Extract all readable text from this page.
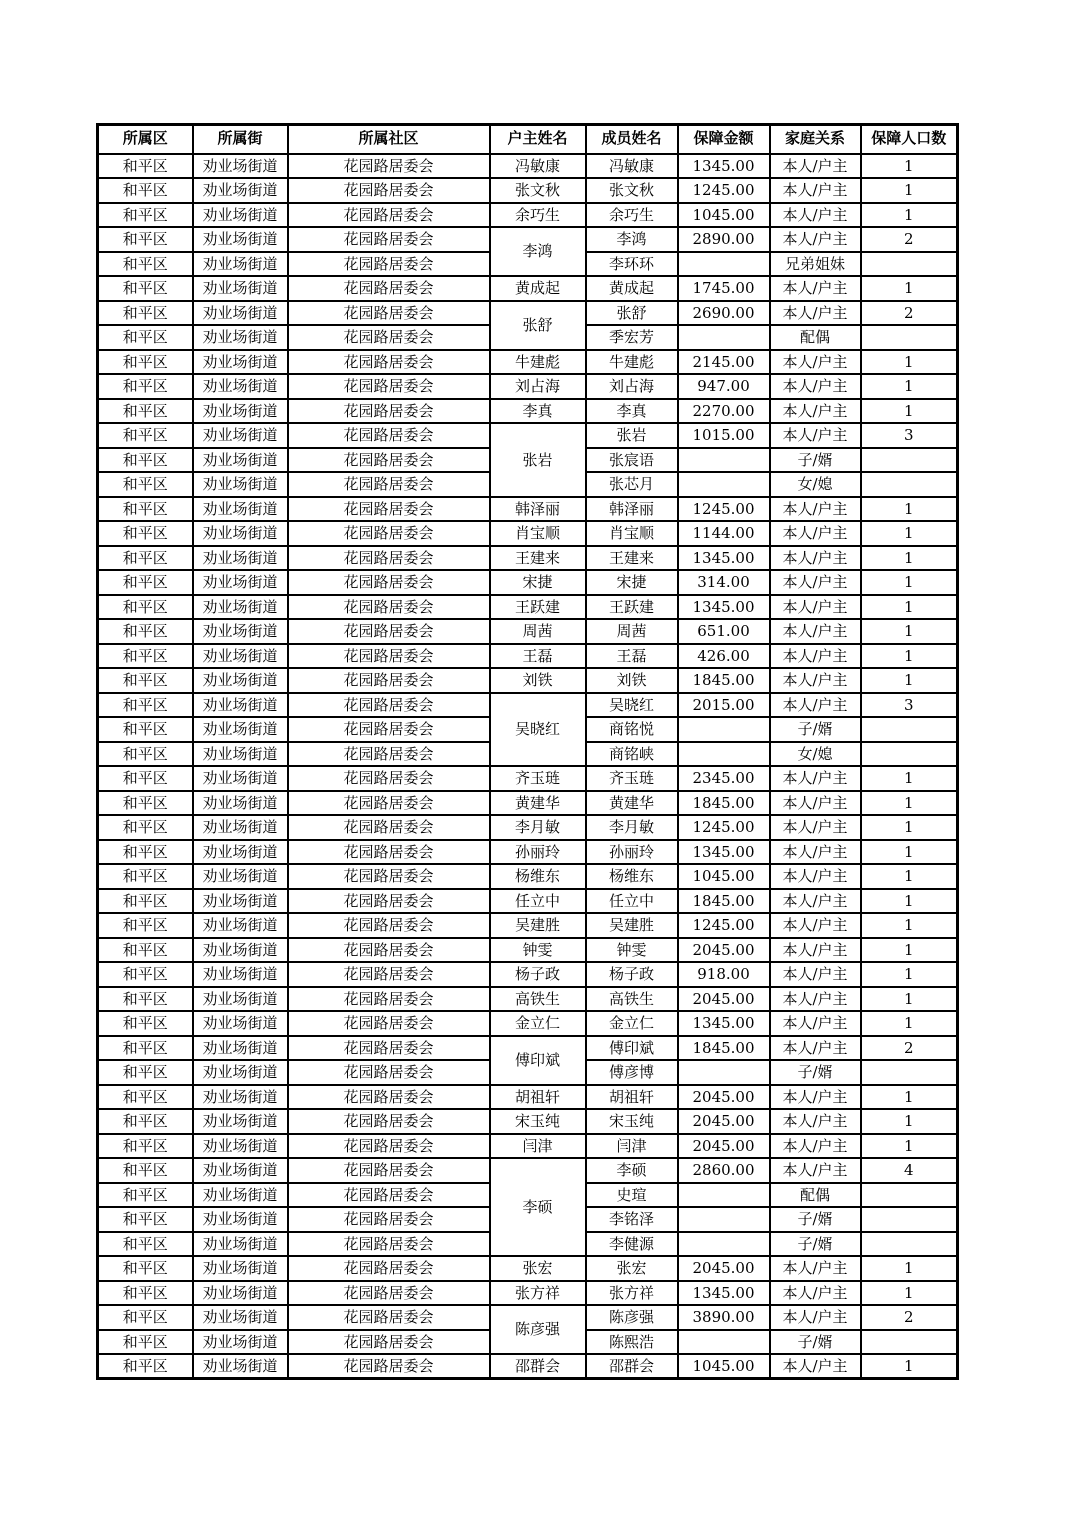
所属区	所属街	所属社区	户主姓名	成员姓名	保障金额	家庭关系	保障人口数
和平区	劝业场街道	花园路居委会	冯敏康	冯敏康	1345.00	本人/户主	1
和平区	劝业场街道	花园路居委会	张文秋	张文秋	1245.00	本人/户主	1
和平区	劝业场街道	花园路居委会	余巧生	余巧生	1045.00	本人/户主	1
和平区	劝业场街道	花园路居委会	李鸿	李鸿	2890.00	本人/户主	2
和平区	劝业场街道	花园路居委会		李环环		兄弟姐妹	
和平区	劝业场街道	花园路居委会	黄成起	黄成起	1745.00	本人/户主	1
和平区	劝业场街道	花园路居委会	张舒	张舒	2690.00	本人/户主	2
和平区	劝业场街道	花园路居委会		季宏芳		配偶	
和平区	劝业场街道	花园路居委会	牛建彪	牛建彪	2145.00	本人/户主	1
和平区	劝业场街道	花园路居委会	刘占海	刘占海	947.00	本人/户主	1
和平区	劝业场街道	花园路居委会	李真	李真	2270.00	本人/户主	1
和平区	劝业场街道	花园路居委会	张岩	张岩	1015.00	本人/户主	3
和平区	劝业场街道	花园路居委会		张宸语		子/婿	
和平区	劝业场街道	花园路居委会		张芯月		女/媳	
和平区	劝业场街道	花园路居委会	韩泽丽	韩泽丽	1245.00	本人/户主	1
和平区	劝业场街道	花园路居委会	肖宝顺	肖宝顺	1144.00	本人/户主	1
和平区	劝业场街道	花园路居委会	王建来	王建来	1345.00	本人/户主	1
和平区	劝业场街道	花园路居委会	宋捷	宋捷	314.00	本人/户主	1
和平区	劝业场街道	花园路居委会	王跃建	王跃建	1345.00	本人/户主	1
和平区	劝业场街道	花园路居委会	周茜	周茜	651.00	本人/户主	1
和平区	劝业场街道	花园路居委会	王磊	王磊	426.00	本人/户主	1
和平区	劝业场街道	花园路居委会	刘铁	刘铁	1845.00	本人/户主	1
和平区	劝业场街道	花园路居委会	吴晓红	吴晓红	2015.00	本人/户主	3
和平区	劝业场街道	花园路居委会		商铭悦		子/婿	
和平区	劝业场街道	花园路居委会		商铭峡		女/媳	
和平区	劝业场街道	花园路居委会	齐玉琏	齐玉琏	2345.00	本人/户主	1
和平区	劝业场街道	花园路居委会	黄建华	黄建华	1845.00	本人/户主	1
和平区	劝业场街道	花园路居委会	李月敏	李月敏	1245.00	本人/户主	1
和平区	劝业场街道	花园路居委会	孙丽玲	孙丽玲	1345.00	本人/户主	1
和平区	劝业场街道	花园路居委会	杨维东	杨维东	1045.00	本人/户主	1
和平区	劝业场街道	花园路居委会	任立中	任立中	1845.00	本人/户主	1
和平区	劝业场街道	花园路居委会	吴建胜	吴建胜	1245.00	本人/户主	1
和平区	劝业场街道	花园路居委会	钟雯	钟雯	2045.00	本人/户主	1
和平区	劝业场街道	花园路居委会	杨子政	杨子政	918.00	本人/户主	1
和平区	劝业场街道	花园路居委会	高铁生	高铁生	2045.00	本人/户主	1
和平区	劝业场街道	花园路居委会	金立仁	金立仁	1345.00	本人/户主	1
和平区	劝业场街道	花园路居委会	傅印斌	傅印斌	1845.00	本人/户主	2
和平区	劝业场街道	花园路居委会		傅彦博		子/婿	
和平区	劝业场街道	花园路居委会	胡祖轩	胡祖轩	2045.00	本人/户主	1
和平区	劝业场街道	花园路居委会	宋玉纯	宋玉纯	2045.00	本人/户主	1
和平区	劝业场街道	花园路居委会	闫津	闫津	2045.00	本人/户主	1
和平区	劝业场街道	花园路居委会	李硕	李硕	2860.00	本人/户主	4
和平区	劝业场街道	花园路居委会		史瑄		配偶	
和平区	劝业场街道	花园路居委会		李铭泽		子/婿	
和平区	劝业场街道	花园路居委会		李健源		子/婿	
和平区	劝业场街道	花园路居委会	张宏	张宏	2045.00	本人/户主	1
和平区	劝业场街道	花园路居委会	张方祥	张方祥	1345.00	本人/户主	1
和平区	劝业场街道	花园路居委会	陈彦强	陈彦强	3890.00	本人/户主	2
和平区	劝业场街道	花园路居委会		陈熙浩		子/婿	
和平区	劝业场街道	花园路居委会	邵群会	邵群会	1045.00	本人/户主	1
